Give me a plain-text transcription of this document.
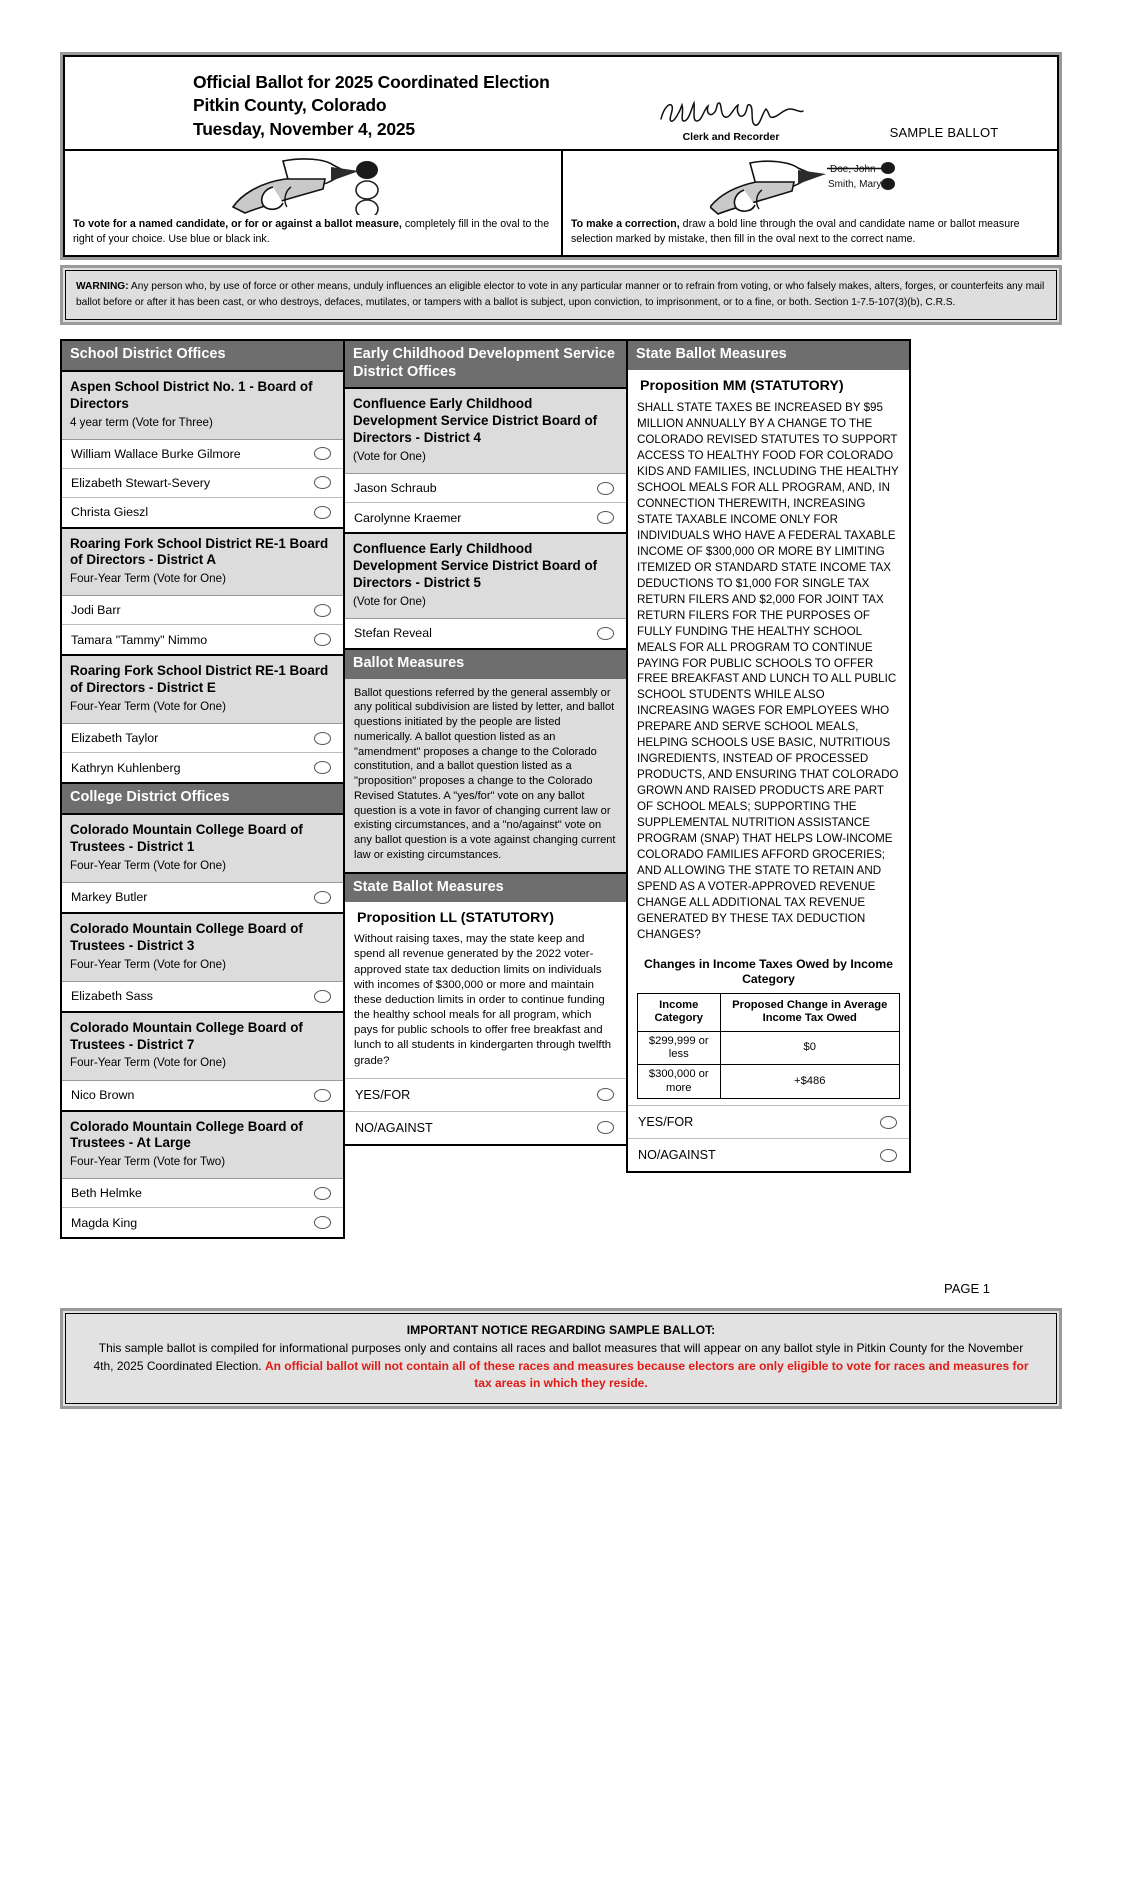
Official Ballot for 2025 Coordinated Election
Pitkin County, Colorado
Tuesday, November 4, 2025	Clerk and Recorder	SAMPLE BALLOT
To vote for a named candidate, or for or against a ballot measure, completely fill in the oval to the right of your choice. Use blue or black ink.
Doe, John
Smith, Mary
To make a correction, draw a bold line through the oval and candidate name or ballot measure selection marked by mistake, then fill in the oval next to the correct name.

WARNING: Any person who, by use of force or other means, unduly influences an eligible elector to vote in any particular manner or to refrain from voting, or who falsely makes, alters, forges, or counterfeits any mail ballot before or after it has been cast, or who destroys, defaces, mutilates, or tampers with a ballot is subject, upon conviction, to imprisonment, or to a fine, or both. Section 1-7.5-107(3)(b), C.R.S.

School District Offices
Aspen School District No. 1 - Board of Directors
4 year term (Vote for Three)
William Wallace Burke Gilmore
Elizabeth Stewart-Severy
Christa Gieszl
Roaring Fork School District RE-1 Board of Directors - District A
Four-Year Term (Vote for One)
Jodi Barr
Tamara "Tammy" Nimmo
Roaring Fork School District RE-1 Board of Directors - District E
Four-Year Term (Vote for One)
Elizabeth Taylor
Kathryn Kuhlenberg
College District Offices
Colorado Mountain College Board of Trustees - District 1
Four-Year Term (Vote for One)
Markey Butler
Colorado Mountain College Board of Trustees - District 3
Four-Year Term (Vote for One)
Elizabeth Sass
Colorado Mountain College Board of Trustees - District 7
Four-Year Term (Vote for One)
Nico Brown
Colorado Mountain College Board of Trustees - At Large
Four-Year Term (Vote for Two)
Beth Helmke
Magda King
Early Childhood Development Service District Offices
Confluence Early Childhood Development Service District Board of Directors - District 4
(Vote for One)
Jason Schraub
Carolynne Kraemer
Confluence Early Childhood Development Service District Board of Directors - District 5
(Vote for One)
Stefan Reveal
Ballot Measures

Ballot questions referred by the general assembly or any political subdivision are listed by letter, and ballot questions initiated by the people are listed numerically. A ballot question listed as an "amendment" proposes a change to the Colorado constitution, and a ballot question listed as a "proposition" proposes a change to the Colorado Revised Statutes. A "yes/for" vote on any ballot question is a vote in favor of changing current law or existing circumstances, and a "no/against" vote on any ballot question is a vote against changing current law or existing circumstances.

State Ballot Measures
Proposition LL (STATUTORY)
Without raising taxes, may the state keep and spend all revenue generated by the 2022 voter-approved state tax deduction limits on individuals with incomes of $300,000 or more and maintain these deduction limits in order to continue funding the healthy school meals for all program, which pays for public schools to offer free breakfast and lunch to all students in kindergarten through twelfth grade?
YES/FOR
NO/AGAINST
State Ballot Measures
Proposition MM (STATUTORY)
SHALL STATE TAXES BE INCREASED BY $95 MILLION ANNUALLY BY A CHANGE TO THE COLORADO REVISED STATUTES TO SUPPORT ACCESS TO HEALTHY FOOD FOR COLORADO KIDS AND FAMILIES, INCLUDING THE HEALTHY SCHOOL MEALS FOR ALL PROGRAM, AND, IN CONNECTION THEREWITH, INCREASING STATE TAXABLE INCOME ONLY FOR INDIVIDUALS WHO HAVE A FEDERAL TAXABLE INCOME OF $300,000 OR MORE BY LIMITING ITEMIZED OR STANDARD STATE INCOME TAX DEDUCTIONS TO $1,000 FOR SINGLE TAX RETURN FILERS AND $2,000 FOR JOINT TAX RETURN FILERS FOR THE PURPOSES OF FULLY FUNDING THE HEALTHY SCHOOL MEALS FOR ALL PROGRAM TO CONTINUE PAYING FOR PUBLIC SCHOOLS TO OFFER FREE BREAKFAST AND LUNCH TO ALL PUBLIC SCHOOL STUDENTS WHILE ALSO INCREASING WAGES FOR EMPLOYEES WHO PREPARE AND SERVE SCHOOL MEALS, HELPING SCHOOLS USE BASIC, NUTRITIOUS INGREDIENTS, INSTEAD OF PROCESSED PRODUCTS, AND ENSURING THAT COLORADO GROWN AND RAISED PRODUCTS ARE PART OF SCHOOL MEALS; SUPPORTING THE SUPPLEMENTAL NUTRITION ASSISTANCE PROGRAM (SNAP) THAT HELPS LOW-INCOME COLORADO FAMILIES AFFORD GROCERIES; AND ALLOWING THE STATE TO RETAIN AND SPEND AS A VOTER-APPROVED REVENUE CHANGE ALL ADDITIONAL TAX REVENUE GENERATED BY THESE TAX DEDUCTION CHANGES?
Changes in Income Taxes Owed by Income Category
Income Category	Proposed Change in Average Income Tax Owed
$299,999 or less	$0
$300,000 or more	+$486
YES/FOR
NO/AGAINST
PAGE 1
IMPORTANT NOTICE REGARDING SAMPLE BALLOT:
This sample ballot is compiled for informational purposes only and contains all races and ballot measures that will appear on any ballot style in Pitkin County for the November 4th, 2025 Coordinated Election. An official ballot will not contain all of these races and measures because electors are only eligible to vote for races and measures for tax areas in which they reside.
